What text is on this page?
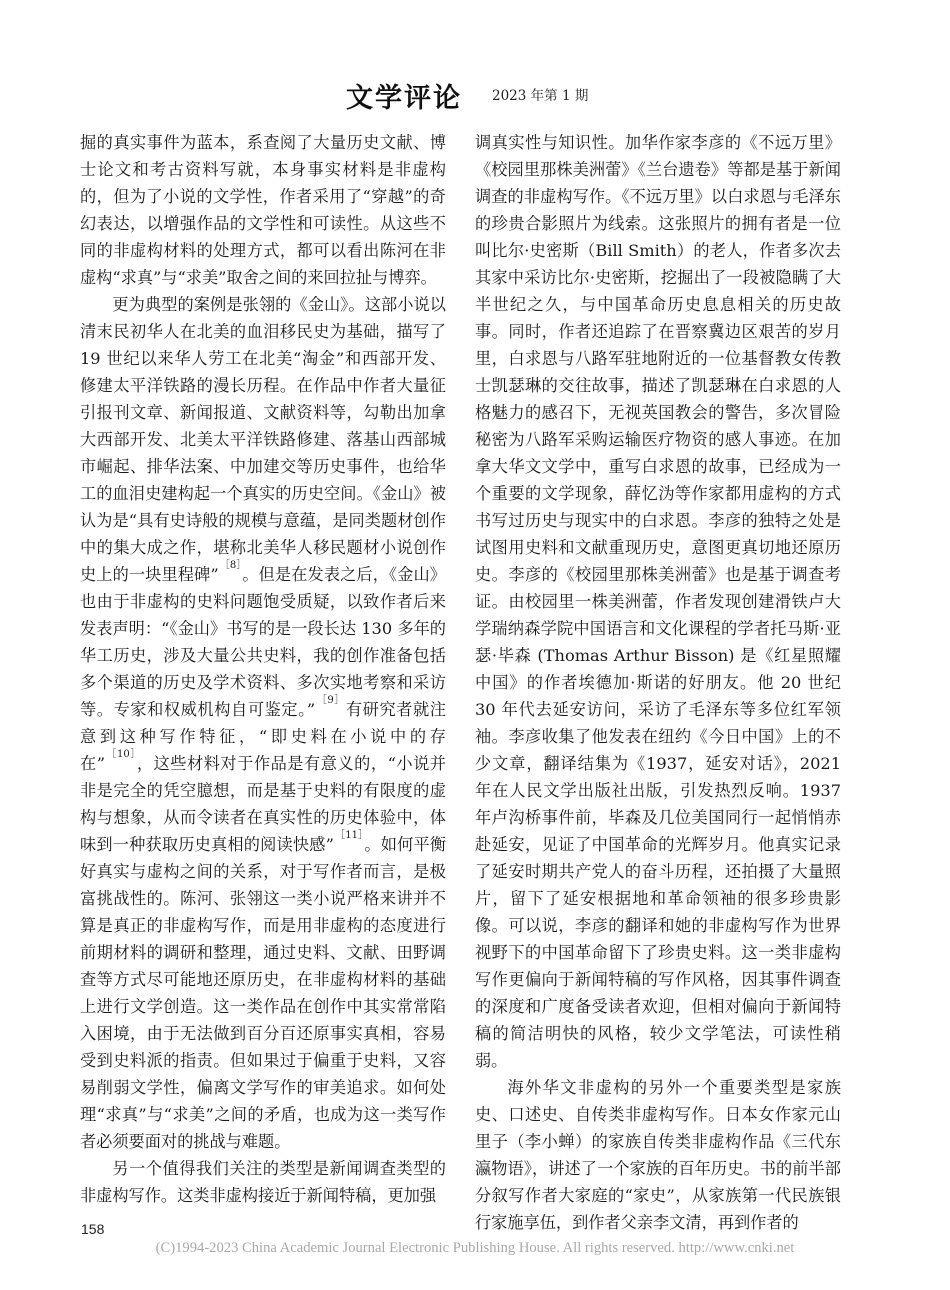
文学评论 2023 年第 1 期

掘的真实事件为蓝本，系查阅了大量历史文献、博士论文和考古资料写就，本身事实材料是非虚构的，但为了小说的文学性，作者采用了“穿越”的奇幻表达，以增强作品的文学性和可读性。从这些不同的非虚构材料的处理方式，都可以看出陈河在非虚构“求真”与“求美”取舍之间的来回拉扯与博弈。

更为典型的案例是张翎的《金山》。这部小说以清末民初华人在北美的血泪移民史为基础，描写了 19 世纪以来华人劳工在北美“淘金”和西部开发、修建太平洋铁路的漫长历程。在作品中作者大量征引报刊文章、新闻报道、文献资料等，勾勒出加拿大西部开发、北美太平洋铁路修建、落基山西部城市崛起、排华法案、中加建交等历史事件，也给华工的血泪史建构起一个真实的历史空间。《金山》被认为是“具有史诗般的规模与意蕴，是同类题材创作中的集大成之作，堪称北美华人移民题材小说创作史上的一块里程碑”$^{[8]}$。但是在发表之后，《金山》也由于非虚构的史料问题饱受质疑，以致作者后来发表声明：“《金山》书写的是一段长达 130 多年的华工历史，涉及大量公共史料，我的创作准备包括多个渠道的历史及学术资料、多次实地考察和采访等。专家和权威机构自可鉴定。”$^{[9]}$有研究者就注意到这种写作特征，“即史料在小说中的存在”$^{[10]}$，这些材料对于作品是有意义的，“小说并非是完全的凭空臆想，而是基于史料的有限度的虚构与想象，从而令读者在真实性的历史体验中，体味到一种获取历史真相的阅读快感”$^{[11]}$。如何平衡好真实与虚构之间的关系，对于写作者而言，是极富挑战性的。陈河、张翎这一类小说严格来讲并不算是真正的非虚构写作，而是用非虚构的态度进行前期材料的调研和整理，通过史料、文献、田野调查等方式尽可能地还原历史，在非虚构材料的基础上进行文学创造。这一类作品在创作中其实常常陷入困境，由于无法做到百分百还原事实真相，容易受到史料派的指责。但如果过于偏重于史料，又容易削弱文学性，偏离文学写作的审美追求。如何处理“求真”与“求美”之间的矛盾，也成为这一类写作者必须要面对的挑战与难题。

另一个值得我们关注的类型是新闻调查类型的非虚构写作。这类非虚构接近于新闻特稿，更加强

调真实性与知识性。加华作家李彦的《不远万里》《校园里那株美洲蕾》《兰台遗卷》等都是基于新闻调查的非虚构写作。《不远万里》以白求恩与毛泽东的珍贵合影照片为线索。这张照片的拥有者是一位叫比尔·史密斯（Bill Smith）的老人，作者多次去其家中采访比尔·史密斯，挖掘出了一段被隐瞒了大半世纪之久，与中国革命历史息息相关的历史故事。同时，作者还追踪了在晋察冀边区艰苦的岁月里，白求恩与八路军驻地附近的一位基督教女传教士凯瑟琳的交往故事，描述了凯瑟琳在白求恩的人格魅力的感召下，无视英国教会的警告，多次冒险秘密为八路军采购运输医疗物资的感人事迹。在加拿大华文文学中，重写白求恩的故事，已经成为一个重要的文学现象，薛忆沩等作家都用虚构的方式书写过历史与现实中的白求恩。李彦的独特之处是试图用史料和文献重现历史，意图更真切地还原历史。李彦的《校园里那株美洲蕾》也是基于调查考证。由校园里一株美洲蕾，作者发现创建滑铁卢大学瑞纳森学院中国语言和文化课程的学者托马斯·亚瑟·毕森 (Thomas Arthur Bisson) 是《红星照耀中国》的作者埃德加·斯诺的好朋友。他 20 世纪 30 年代去延安访问，采访了毛泽东等多位红军领袖。李彦收集了他发表在纽约《今日中国》上的不少文章，翻译结集为《1937，延安对话》，2021 年在人民文学出版社出版，引发热烈反响。1937 年卢沟桥事件前，毕森及几位美国同行一起悄悄赤赴延安，见证了中国革命的光辉岁月。他真实记录了延安时期共产党人的奋斗历程，还拍摄了大量照片，留下了延安根据地和革命领袖的很多珍贵影像。可以说，李彦的翻译和她的非虚构写作为世界视野下的中国革命留下了珍贵史料。这一类非虚构写作更偏向于新闻特稿的写作风格，因其事件调查的深度和广度备受读者欢迎，但相对偏向于新闻特稿的简洁明快的风格，较少文学笔法，可读性稍弱。

海外华文非虚构的另外一个重要类型是家族史、口述史、自传类非虚构写作。日本女作家元山里子（李小蝉）的家族自传类非虚构作品《三代东瀛物语》，讲述了一个家族的百年历史。书的前半部分叙写作者大家庭的“家史”，从家族第一代民族银行家施享伍，到作者父亲李文清，再到作者的

158
(C)1994-2023 China Academic Journal Electronic Publishing House. All rights reserved. http://www.cnki.net
